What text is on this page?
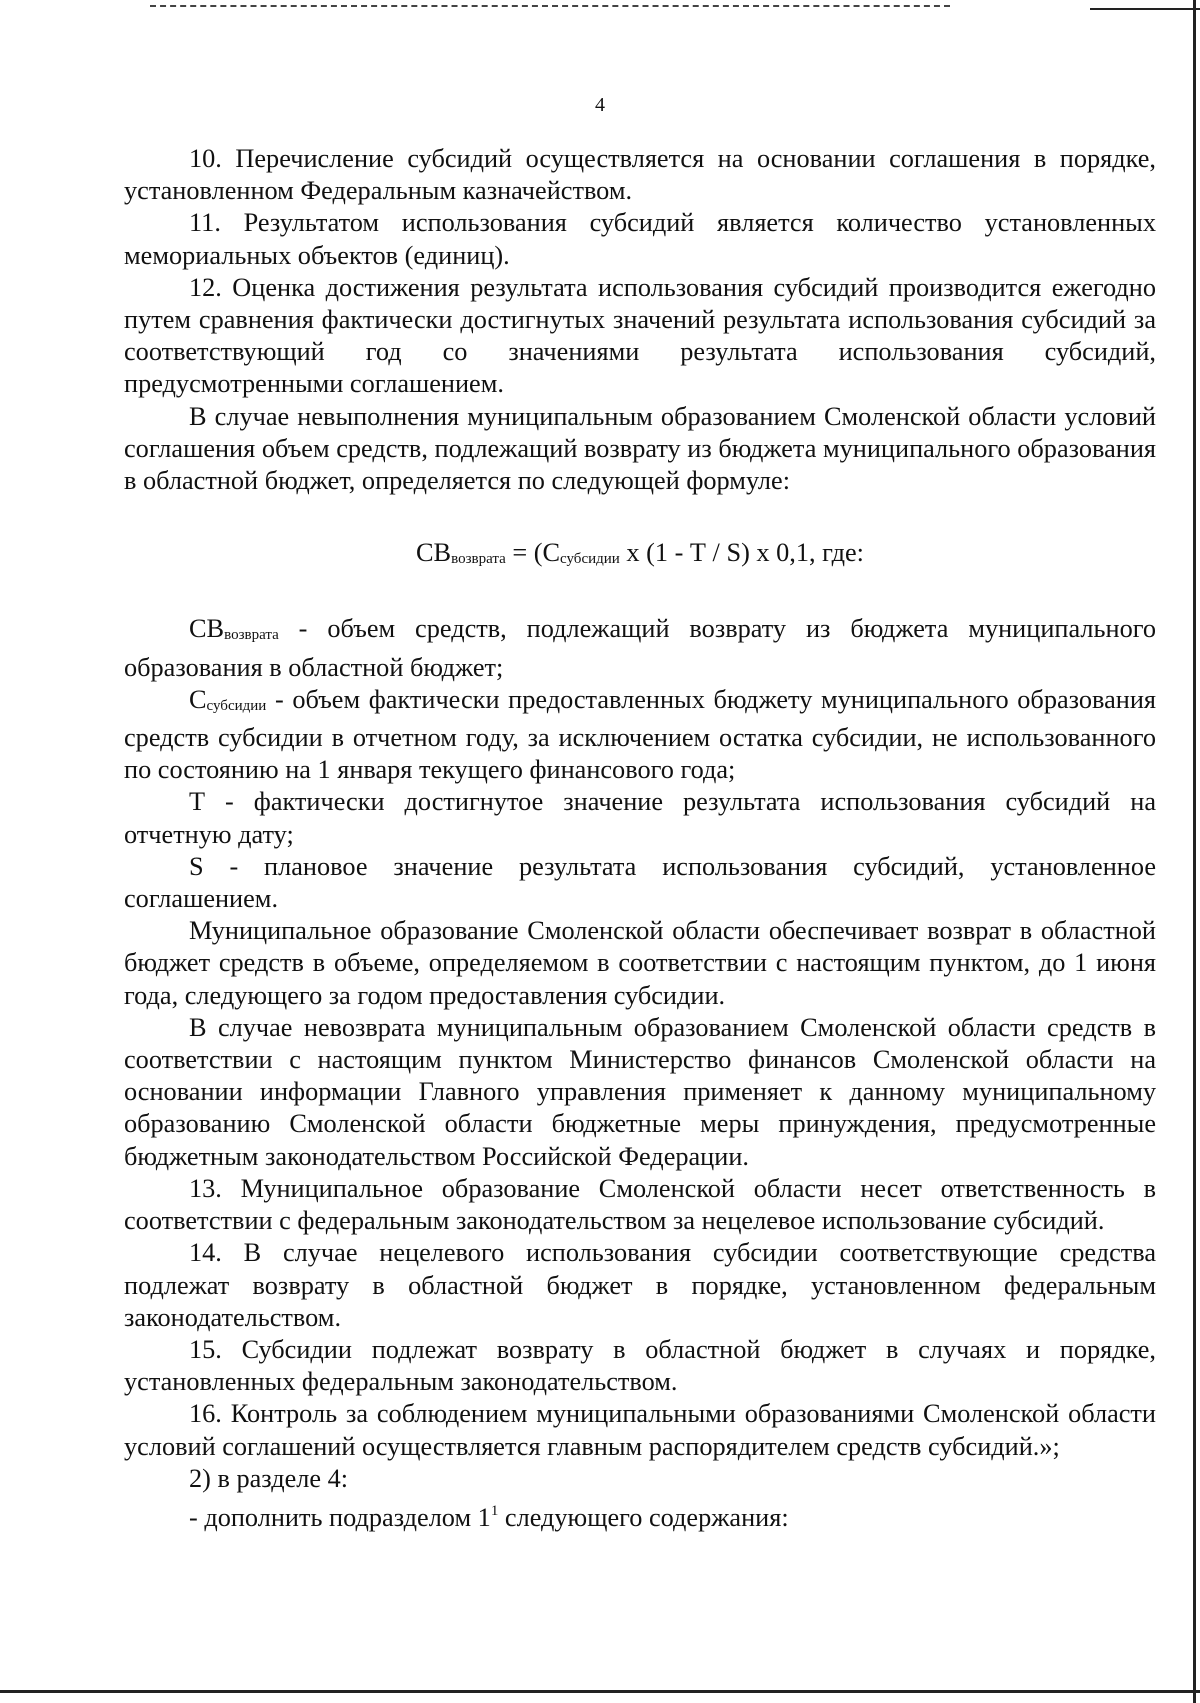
4

10. Перечисление субсидий осуществляется на основании соглашения в порядке, установленном Федеральным казначейством.

11. Результатом использования субсидий является количество установленных мемориальных объектов (единиц).

12. Оценка достижения результата использования субсидий производится ежегодно путем сравнения фактически достигнутых значений результата использования субсидий за соответствующий год со значениями результата использования субсидий, предусмотренными соглашением.

В случае невыполнения муниципальным образованием Смоленской области условий соглашения объем средств, подлежащий возврату из бюджета муниципального образования в областной бюджет, определяется по следующей формуле:

СВвозврата = (Ссубсидии х (1 - Т / S) х 0,1, где:

СВвозврата - объем средств, подлежащий возврату из бюджета муниципального образования в областной бюджет;

Ссубсидии - объем фактически предоставленных бюджету муниципального образования средств субсидии в отчетном году, за исключением остатка субсидии, не использованного по состоянию на 1 января текущего финансового года;

Т - фактически достигнутое значение результата использования субсидий на отчетную дату;

S - плановое значение результата использования субсидий, установленное соглашением.

Муниципальное образование Смоленской области обеспечивает возврат в областной бюджет средств в объеме, определяемом в соответствии с настоящим пунктом, до 1 июня года, следующего за годом предоставления субсидии.

В случае невозврата муниципальным образованием Смоленской области средств в соответствии с настоящим пунктом Министерство финансов Смоленской области на основании информации Главного управления применяет к данному муниципальному образованию Смоленской области бюджетные меры принуждения, предусмотренные бюджетным законодательством Российской Федерации.

13. Муниципальное образование Смоленской области несет ответственность в соответствии с федеральным законодательством за нецелевое использование субсидий.

14. В случае нецелевого использования субсидии соответствующие средства подлежат возврату в областной бюджет в порядке, установленном федеральным законодательством.

15. Субсидии подлежат возврату в областной бюджет в случаях и порядке, установленных федеральным законодательством.

16. Контроль за соблюдением муниципальными образованиями Смоленской области условий соглашений осуществляется главным распорядителем средств субсидий.»;

2) в разделе 4:

- дополнить подразделом $1^1$ следующего содержания:
